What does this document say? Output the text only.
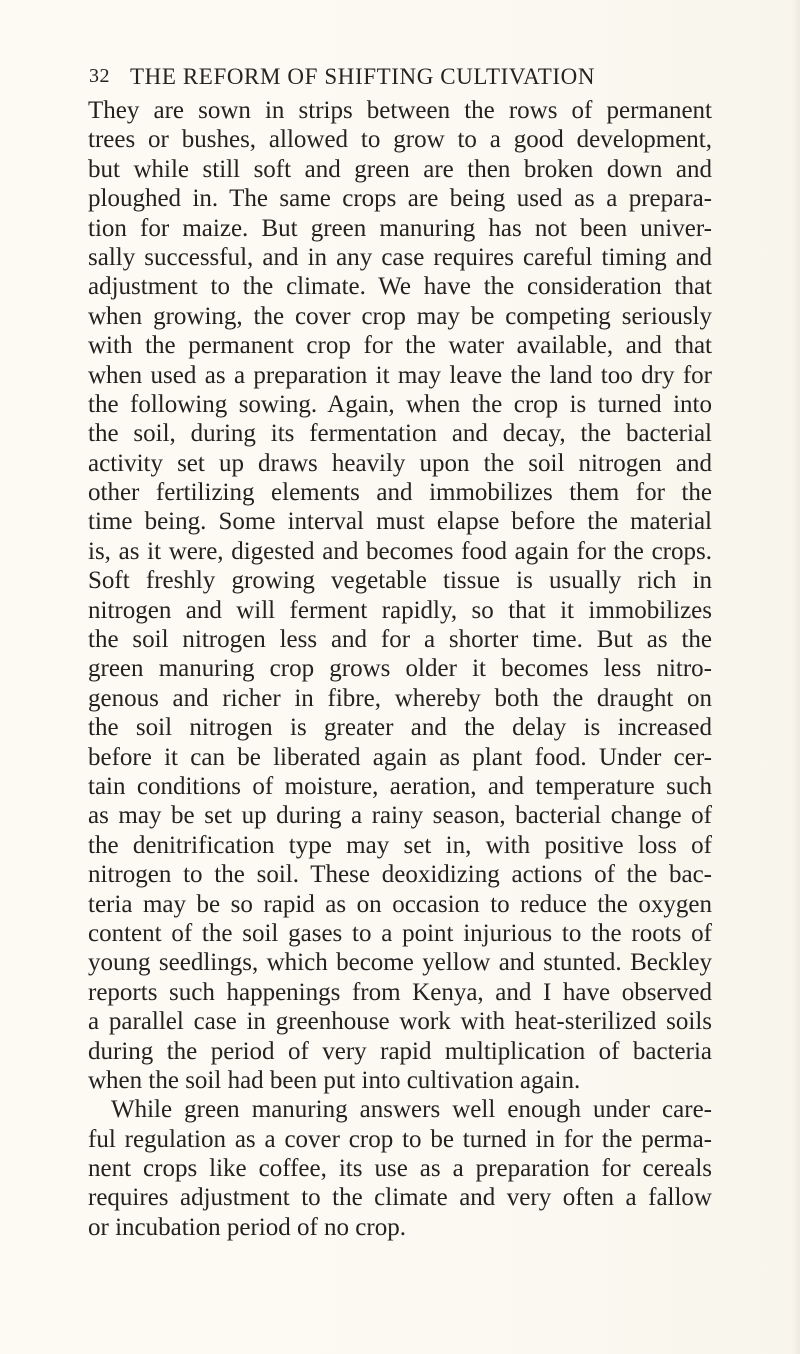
32 THE REFORM OF SHIFTING CULTIVATION
They are sown in strips between the rows of permanent
trees or bushes, allowed to grow to a good development,
but while still soft and green are then broken down and
ploughed in. The same crops are being used as a prepara-
tion for maize. But green manuring has not been univer-
sally successful, and in any case requires careful timing and
adjustment to the climate. We have the consideration that
when growing, the cover crop may be competing seriously
with the permanent crop for the water available, and that
when used as a preparation it may leave the land too dry for
the following sowing. Again, when the crop is turned into
the soil, during its fermentation and decay, the bacterial
activity set up draws heavily upon the soil nitrogen and
other fertilizing elements and immobilizes them for the
time being. Some interval must elapse before the material
is, as it were, digested and becomes food again for the crops.
Soft freshly growing vegetable tissue is usually rich in
nitrogen and will ferment rapidly, so that it immobilizes
the soil nitrogen less and for a shorter time. But as the
green manuring crop grows older it becomes less nitro-
genous and richer in fibre, whereby both the draught on
the soil nitrogen is greater and the delay is increased
before it can be liberated again as plant food. Under cer-
tain conditions of moisture, aeration, and temperature such
as may be set up during a rainy season, bacterial change of
the denitrification type may set in, with positive loss of
nitrogen to the soil. These deoxidizing actions of the bac-
teria may be so rapid as on occasion to reduce the oxygen
content of the soil gases to a point injurious to the roots of
young seedlings, which become yellow and stunted. Beckley
reports such happenings from Kenya, and I have observed
a parallel case in greenhouse work with heat-sterilized soils
during the period of very rapid multiplication of bacteria
when the soil had been put into cultivation again.
While green manuring answers well enough under care-
ful regulation as a cover crop to be turned in for the perma-
nent crops like coffee, its use as a preparation for cereals
requires adjustment to the climate and very often a fallow
or incubation period of no crop.
